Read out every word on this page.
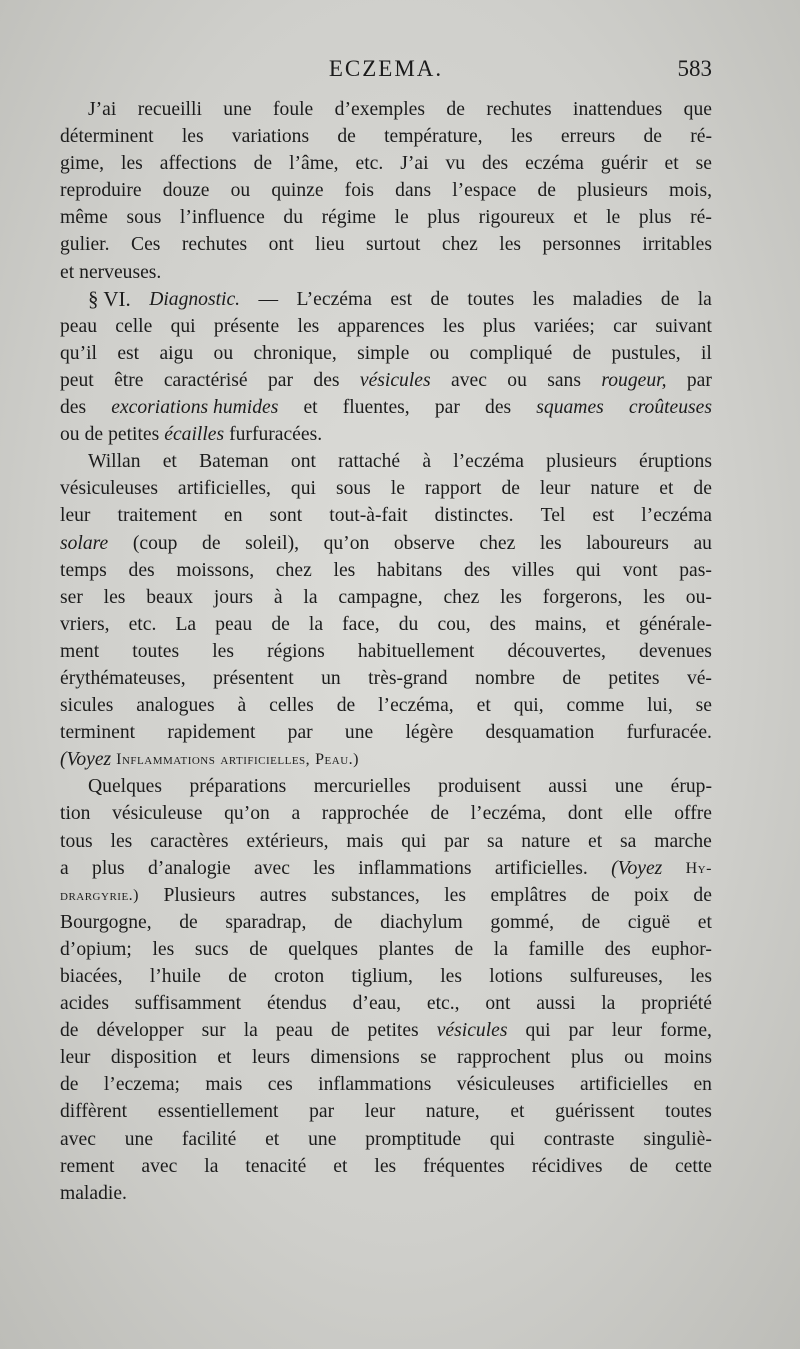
ECZEMA.	583
J’ai recueilli une foule d’exemples de rechutes inattendues que
déterminent les variations de température, les erreurs de ré-
gime, les affections de l’âme, etc. J’ai vu des eczéma guérir et se
reproduire douze ou quinze fois dans l’espace de plusieurs mois,
même sous l’influence du régime le plus rigoureux et le plus ré-
gulier. Ces rechutes ont lieu surtout chez les personnes irritables
et nerveuses.
§ VI. Diagnostic. — L’eczéma est de toutes les maladies de la
peau celle qui présente les apparences les plus variées; car suivant
qu’il est aigu ou chronique, simple ou compliqué de pustules, il
peut être caractérisé par des vésicules avec ou sans rougeur, par
des excoriations humides et fluentes, par des squames croûteuses
ou de petites écailles furfuracées.
Willan et Bateman ont rattaché à l’eczéma plusieurs éruptions
vésiculeuses artificielles, qui sous le rapport de leur nature et de
leur traitement en sont tout-à-fait distinctes. Tel est l’eczéma
solare (coup de soleil), qu’on observe chez les laboureurs au
temps des moissons, chez les habitans des villes qui vont pas-
ser les beaux jours à la campagne, chez les forgerons, les ou-
vriers, etc. La peau de la face, du cou, des mains, et générale-
ment toutes les régions habituellement découvertes, devenues
érythémateuses, présentent un très-grand nombre de petites vé-
sicules analogues à celles de l’eczéma, et qui, comme lui, se
terminent rapidement par une légère desquamation furfuracée.
(Voyez Inflammations artificielles, Peau.)
Quelques préparations mercurielles produisent aussi une érup-
tion vésiculeuse qu’on a rapprochée de l’eczéma, dont elle offre
tous les caractères extérieurs, mais qui par sa nature et sa marche
a plus d’analogie avec les inflammations artificielles. (Voyez Hy-
drargyrie.) Plusieurs autres substances, les emplâtres de poix de
Bourgogne, de sparadrap, de diachylum gommé, de ciguë et
d’opium; les sucs de quelques plantes de la famille des euphor-
biacées, l’huile de croton tiglium, les lotions sulfureuses, les
acides suffisamment étendus d’eau, etc., ont aussi la propriété
de développer sur la peau de petites vésicules qui par leur forme,
leur disposition et leurs dimensions se rapprochent plus ou moins
de l’eczema; mais ces inflammations vésiculeuses artificielles en
diffèrent essentiellement par leur nature, et guérissent toutes
avec une facilité et une promptitude qui contraste singuliè-
rement avec la tenacité et les fréquentes récidives de cette
maladie.
